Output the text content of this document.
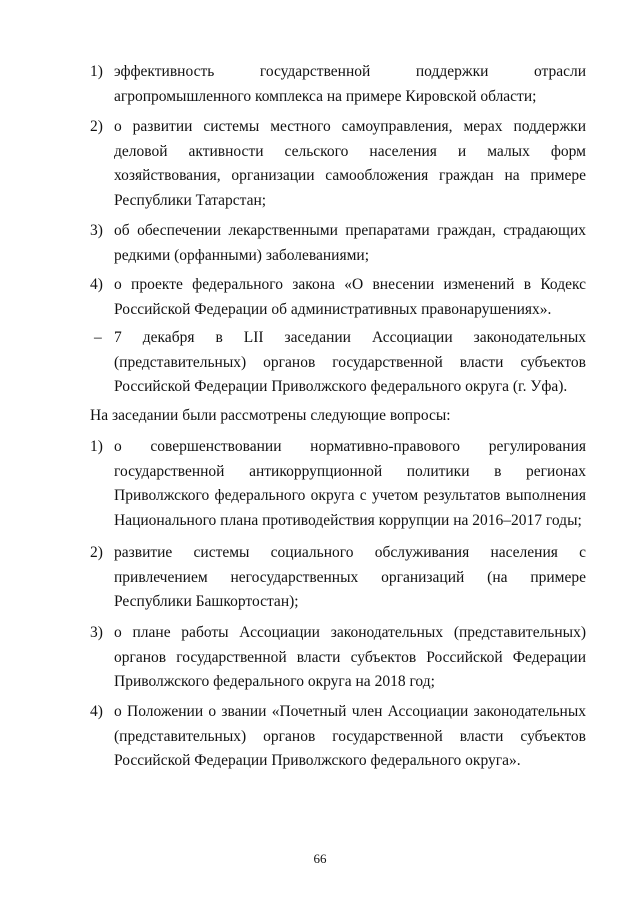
1) эффективность государственной поддержки отрасли агропромышленного комплекса на примере Кировской области;
2) о развитии системы местного самоуправления, мерах поддержки деловой активности сельского населения и малых форм хозяйствования, организации самообложения граждан на примере Республики Татарстан;
3) об обеспечении лекарственными препаратами граждан, страдающих редкими (орфанными) заболеваниями;
4) о проекте федерального закона «О внесении изменений в Кодекс Российской Федерации об административных правонарушениях».
– 7 декабря в LII заседании Ассоциации законодательных (представительных) органов государственной власти субъектов Российской Федерации Приволжского федерального округа (г. Уфа).
На заседании были рассмотрены следующие вопросы:
1) о совершенствовании нормативно-правового регулирования государственной антикоррупционной политики в регионах Приволжского федерального округа с учетом результатов выполнения Национального плана противодействия коррупции на 2016–2017 годы;
2) развитие системы социального обслуживания населения с привлечением негосударственных организаций (на примере Республики Башкортостан);
3) о плане работы Ассоциации законодательных (представительных) органов государственной власти субъектов Российской Федерации Приволжского федерального округа на 2018 год;
4) о Положении о звании «Почетный член Ассоциации законодательных (представительных) органов государственной власти субъектов Российской Федерации Приволжского федерального округа».
66
